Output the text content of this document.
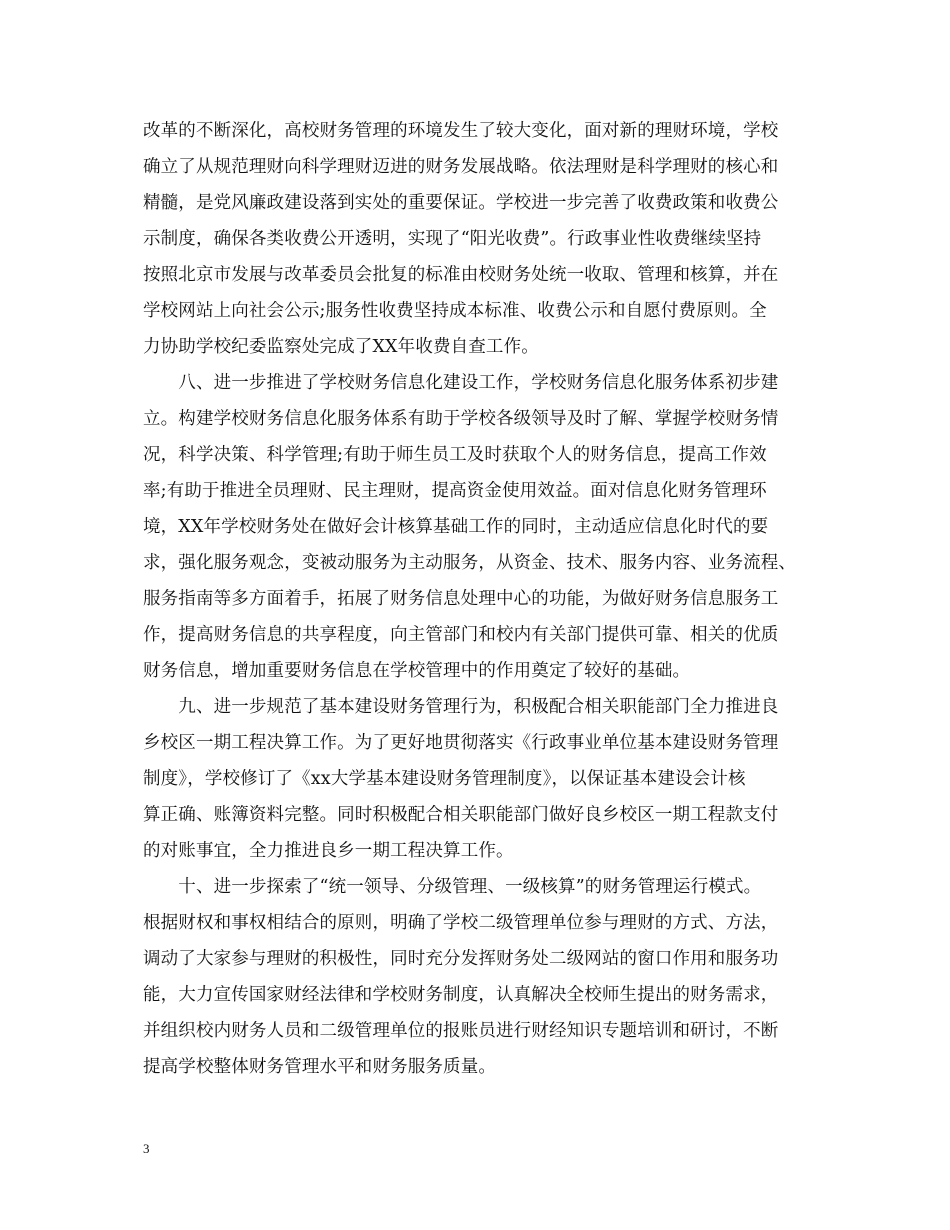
改革的不断深化，高校财务管理的环境发生了较大变化，面对新的理财环境，学校
确立了从规范理财向科学理财迈进的财务发展战略。依法理财是科学理财的核心和
精髓，是党风廉政建设落到实处的重要保证。学校进一步完善了收费政策和收费公
示制度，确保各类收费公开透明，实现了“阳光收费”。行政事业性收费继续坚持
按照北京市发展与改革委员会批复的标准由校财务处统一收取、管理和核算，并在
学校网站上向社会公示;服务性收费坚持成本标准、收费公示和自愿付费原则。全
力协助学校纪委监察处完成了XX年收费自查工作。
　　八、进一步推进了学校财务信息化建设工作，学校财务信息化服务体系初步建
立。构建学校财务信息化服务体系有助于学校各级领导及时了解、掌握学校财务情
况，科学决策、科学管理;有助于师生员工及时获取个人的财务信息，提高工作效
率;有助于推进全员理财、民主理财，提高资金使用效益。面对信息化财务管理环
境，XX年学校财务处在做好会计核算基础工作的同时，主动适应信息化时代的要
求，强化服务观念，变被动服务为主动服务，从资金、技术、服务内容、业务流程、
服务指南等多方面着手，拓展了财务信息处理中心的功能，为做好财务信息服务工
作，提高财务信息的共享程度，向主管部门和校内有关部门提供可靠、相关的优质
财务信息，增加重要财务信息在学校管理中的作用奠定了较好的基础。
　　九、进一步规范了基本建设财务管理行为，积极配合相关职能部门全力推进良
乡校区一期工程决算工作。为了更好地贯彻落实《行政事业单位基本建设财务管理
制度》，学校修订了《xx大学基本建设财务管理制度》，以保证基本建设会计核
算正确、账簿资料完整。同时积极配合相关职能部门做好良乡校区一期工程款支付
的对账事宜，全力推进良乡一期工程决算工作。
　　十、进一步探索了“统一领导、分级管理、一级核算”的财务管理运行模式。
根据财权和事权相结合的原则，明确了学校二级管理单位参与理财的方式、方法，
调动了大家参与理财的积极性，同时充分发挥财务处二级网站的窗口作用和服务功
能，大力宣传国家财经法律和学校财务制度，认真解决全校师生提出的财务需求，
并组织校内财务人员和二级管理单位的报账员进行财经知识专题培训和研讨，不断
提高学校整体财务管理水平和财务服务质量。
3
